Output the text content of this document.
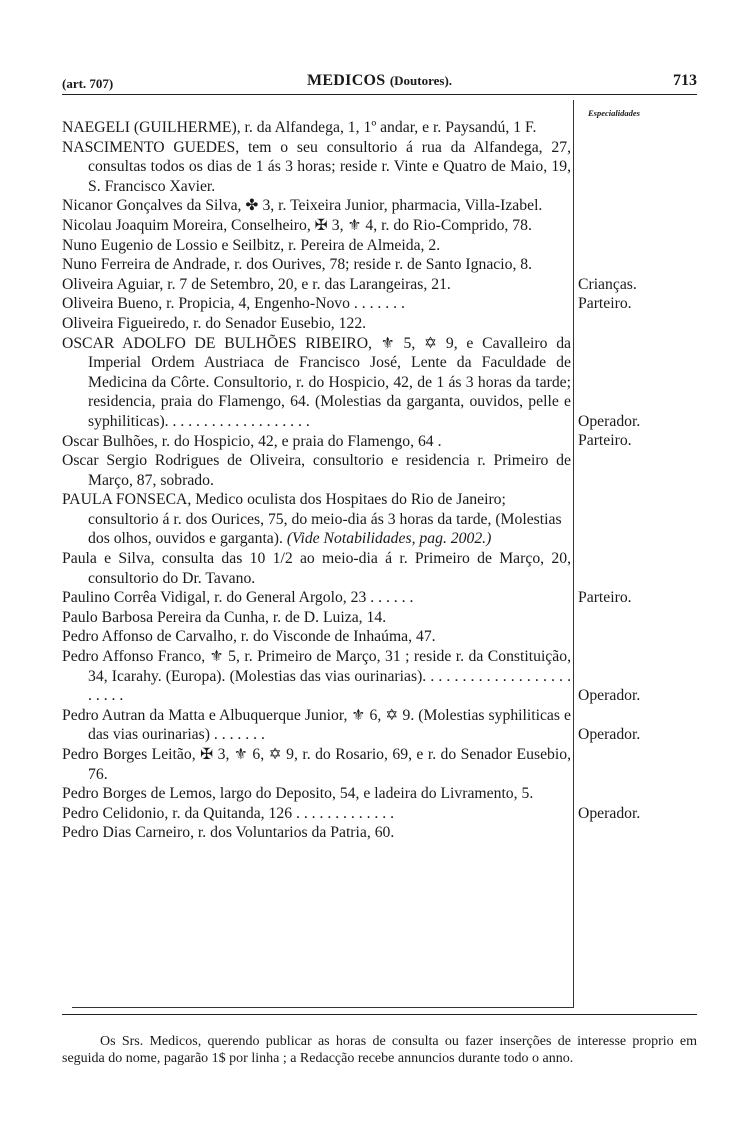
(art. 707)	MEDICOS (Doutores).	713
Especialidades

NAEGELI (GUILHERME), r. da Alfandega, 1, 1º andar, e r. Paysandú, 1 F.

NASCIMENTO GUEDES, tem o seu consultorio á rua da Alfandega, 27, consultas todos os dias de 1 ás 3 horas; reside r. Vinte e Quatro de Maio, 19, S. Francisco Xavier.

Nicanor Gonçalves da Silva, ✤ 3, r. Teixeira Junior, pharmacia, Villa-Izabel.

Nicolau Joaquim Moreira, Conselheiro, ✠ 3, ⚜ 4, r. do Rio-Comprido, 78.

Nuno Eugenio de Lossio e Seilbitz, r. Pereira de Almeida, 2.

Nuno Ferreira de Andrade, r. dos Ourives, 78; reside r. de Santo Ignacio, 8.

Oliveira Aguiar, r. 7 de Setembro, 20, e r. das Larangeiras, 21.

Oliveira Bueno, r. Propicia, 4, Engenho-Novo . . . . . . .

Oliveira Figueiredo, r. do Senador Eusebio, 122.

OSCAR ADOLFO DE BULHÕES RIBEIRO, ⚜ 5, ✡ 9, e Cavalleiro da Imperial Ordem Austriaca de Francisco José, Lente da Faculdade de Medicina da Côrte. Consultorio, r. do Hospicio, 42, de 1 ás 3 horas da tarde; residencia, praia do Flamengo, 64. (Molestias da garganta, ouvidos, pelle e syphiliticas). . . . . . . . . . . . . . . . . . .

Oscar Bulhões, r. do Hospicio, 42, e praia do Flamengo, 64 .

Oscar Sergio Rodrigues de Oliveira, consultorio e residencia r. Primeiro de Março, 87, sobrado.

PAULA FONSECA, Medico oculista dos Hospitaes do Rio de Janeiro; consultorio á r. dos Ourices, 75, do meio-dia ás 3 horas da tarde, (Molestias dos olhos, ouvidos e garganta). (Vide Notabilidades, pag. 2002.)

Paula e Silva, consulta das 10 1/2 ao meio-dia á r. Primeiro de Março, 20, consultorio do Dr. Tavano.

Paulino Corrêa Vidigal, r. do General Argolo, 23 . . . . . .

Paulo Barbosa Pereira da Cunha, r. de D. Luiza, 14.

Pedro Affonso de Carvalho, r. do Visconde de Inhaúma, 47.

Pedro Affonso Franco, ⚜ 5, r. Primeiro de Março, 31 ; reside r. da Constituição, 34, Icarahy. (Europa). (Molestias das vias ourinarias). . . . . . . . . . . . . . . . . . . . . . . .

Pedro Autran da Matta e Albuquerque Junior, ⚜ 6, ✡ 9. (Molestias syphiliticas e das vias ourinarias) . . . . . . .

Pedro Borges Leitão, ✠ 3, ⚜ 6, ✡ 9, r. do Rosario, 69, e r. do Senador Eusebio, 76.

Pedro Borges de Lemos, largo do Deposito, 54, e ladeira do Livramento, 5.

Pedro Celidonio, r. da Quitanda, 126 . . . . . . . . . . . . .

Pedro Dias Carneiro, r. dos Voluntarios da Patria, 60.

Crianças.
Parteiro.
Operador.
Parteiro.
Parteiro.
Operador.
Operador.
Operador.

Os Srs. Medicos, querendo publicar as horas de consulta ou fazer inserções de interesse proprio em seguida do nome, pagarão 1$ por linha ; a Redacção recebe annuncios durante todo o anno.
